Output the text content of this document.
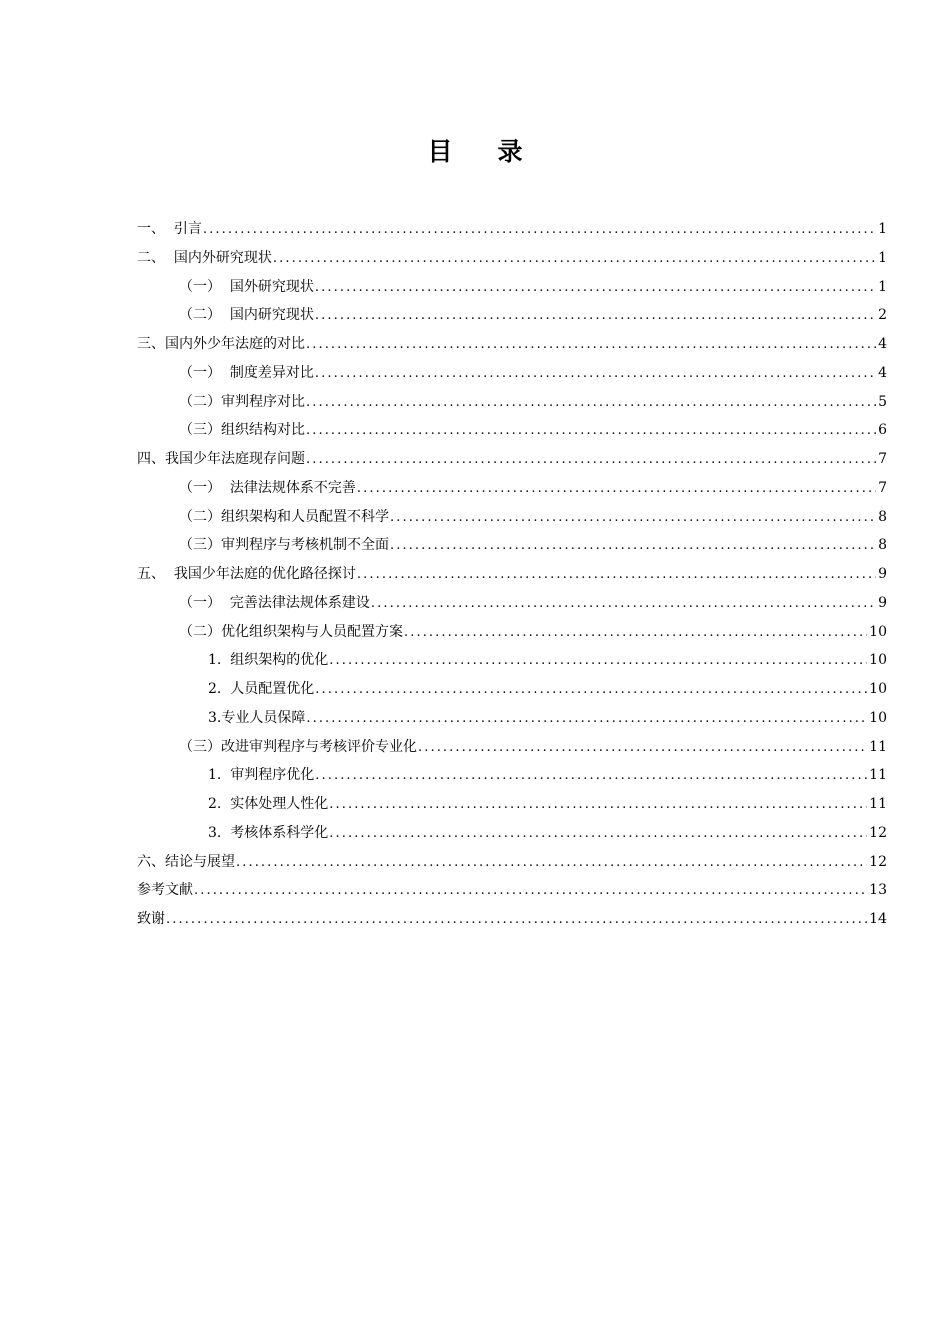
目录
一、  引言 .....	1
二、  国内外研究现状 .....	1
（一）  国外研究现状 .....	1
（二）  国内研究现状 .....	2
三、国内外少年法庭的对比 .....	4
（一）  制度差异对比 .....	4
（二）审判程序对比 .....	5
（三）组织结构对比 .....	6
四、我国少年法庭现存问题 .....	7
（一）  法律法规体系不完善 .....	7
（二）组织架构和人员配置不科学 .....	8
（三）审判程序与考核机制不全面 .....	8
五、  我国少年法庭的优化路径探讨 .....	9
（一）  完善法律法规体系建设 .....	9
（二）优化组织架构与人员配置方案 .....	10
1.  组织架构的优化 .....	10
2.  人员配置优化 .....	10
3.专业人员保障 .....	10
（三）改进审判程序与考核评价专业化 .....	11
1.  审判程序优化 .....	11
2.  实体处理人性化 .....	11
3.  考核体系科学化 .....	12
六、结论与展望 .....	12
参考文献 .....	13
致谢 .....	14
